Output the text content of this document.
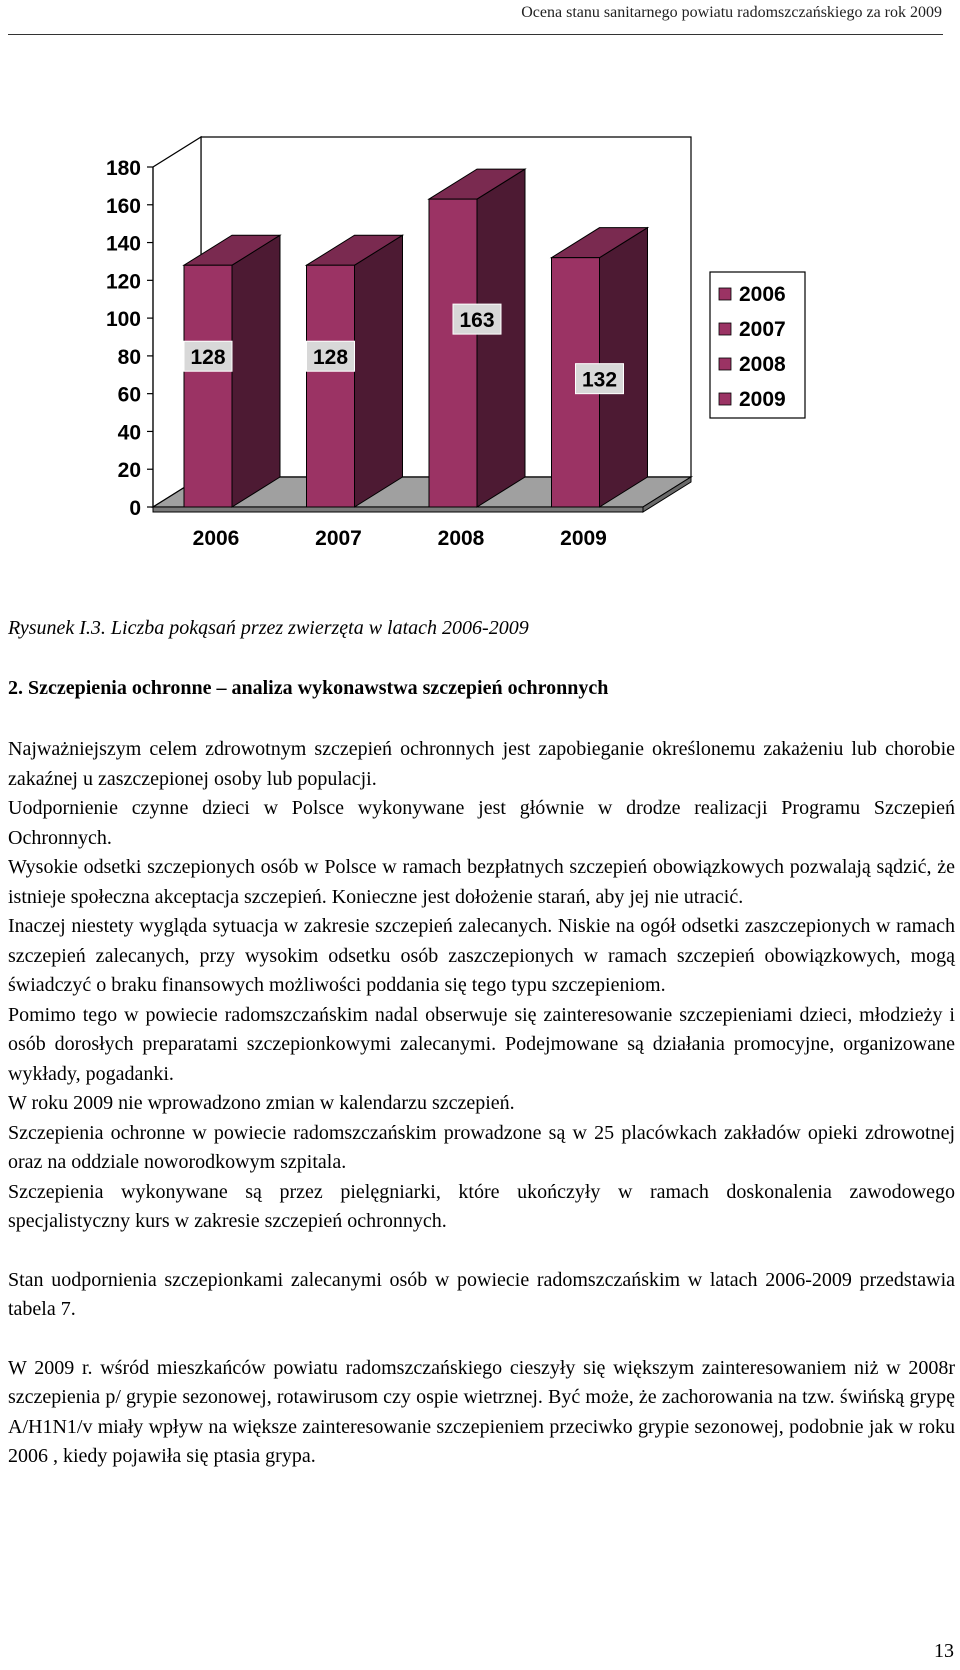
Ocena stanu sanitarnego powiatu radomszczańskiego za rok 2009
128	128
163
132
0
20
40
60
80
100
120
140
160
180
2006	2007	2008	2009
2006
2007
2008
2009
Rysunek I.3. Liczba pokąsań przez zwierzęta w latach 2006-2009
2. Szczepienia ochronne – analiza wykonawstwa szczepień ochronnych

Najważniejszym celem zdrowotnym szczepień ochronnych jest zapobieganie określonemu zakażeniu lub chorobie zakaźnej u zaszczepionej osoby lub populacji.

Uodpornienie czynne dzieci w Polsce wykonywane jest głównie w drodze realizacji Programu Szczepień Ochronnych.

Wysokie odsetki szczepionych osób w Polsce w ramach bezpłatnych szczepień obowiązkowych pozwalają sądzić, że istnieje społeczna akceptacja szczepień. Konieczne jest dołożenie starań, aby jej nie utracić.

Inaczej niestety wygląda sytuacja w zakresie szczepień zalecanych. Niskie na ogół odsetki zaszczepionych w ramach szczepień zalecanych, przy wysokim odsetku osób zaszczepionych w ramach szczepień obowiązkowych, mogą świadczyć o braku finansowych możliwości poddania się tego typu szczepieniom.

Pomimo tego w powiecie radomszczańskim nadal obserwuje się zainteresowanie szczepieniami dzieci, młodzieży i osób dorosłych preparatami szczepionkowymi zalecanymi. Podejmowane są działania promocyjne, organizowane wykłady, pogadanki.

W roku 2009 nie wprowadzono zmian w kalendarzu szczepień.

Szczepienia ochronne w powiecie radomszczańskim prowadzone są w 25 placówkach zakładów opieki zdrowotnej oraz na oddziale noworodkowym szpitala.

Szczepienia wykonywane są przez pielęgniarki, które ukończyły w ramach doskonalenia zawodowego specjalistyczny kurs w zakresie szczepień ochronnych.

Stan uodpornienia szczepionkami zalecanymi osób w powiecie radomszczańskim w latach 2006-2009 przedstawia tabela 7.

W 2009 r. wśród mieszkańców powiatu radomszczańskiego cieszyły się większym zainteresowaniem niż w 2008r szczepienia p/ grypie sezonowej, rotawirusom czy ospie wietrznej. Być może, że zachorowania na tzw. świńską grypę A/H1N1/v miały wpływ na większe zainteresowanie szczepieniem przeciwko grypie sezonowej, podobnie jak w roku 2006 , kiedy pojawiła się ptasia grypa.

13
